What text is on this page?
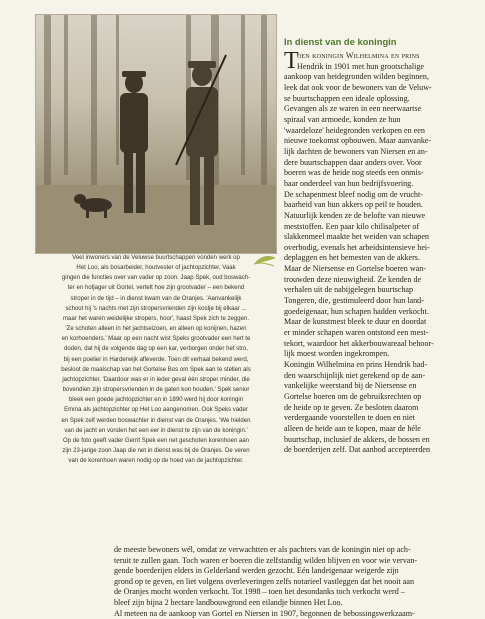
Veel inwoners van de Veluwse buurtschappen vonden werk op
Het Loo, als bosarbeider, houtvester of jachtopzichter. Vaak
gingen die functies over van vader op zoon. Jaap Spek, oud boswach-
ter en hofjager uit Gortel, vertelt hoe zijn grootvader – een bekend
stroper in de tijd – in dienst kwam van de Oranjes. 'Aanvankelijk
schoot hij 's nachts met zijn stropersvrienden zijn kostje bij elkaar ...
maar het waren weidelijke stropers, hoor', haast Spek zich te zeggen.
'Ze schoten alleen in het jachtseizoen, en alleen op konijnen, hazen
en korhoenders.' Maar op een nacht wist Speks grootvader een hert te
doden, dat hij de volgende dag op een kar, verborgen onder het stro,
bij een poelier in Harderwijk afleverde. Toen dit verhaal bekend werd,
besloot de maalschap van het Gortelse Bos om Spek aan te stellen als
jachtopzichter. 'Daardoor was er in ieder geval één stroper minder, die
bovendien zijn stropersvrienden in de gaten kon houden.' Spek senior
bleek een goede jachtopzichter en in 1890 werd hij door koningin
Emma als jachtopzichter op Het Loo aangenomen. Ook Speks vader
en Spek zelf werden boswachter in dienst van de Oranjes. 'We hielden
van de jacht en vonden het een eer in dienst te zijn van de koningin.'
Op de foto geeft vader Gerrit Spek een net geschoten korenhoen aan
zijn 23-jarige zoon Jaap die net in dienst was bij de Oranjes. De veren
van de korenhoen waren nodig op de hoed van de jachtopzichter.
In dienst van de koningin
T
oen koningin Wilhelmina en prins
Hendrik in 1901 met hun grootschalige
aankoop van heidegronden wilden beginnen,
leek dat ook voor de bewoners van de Veluw-
se buurtschappen een ideale oplossing.
Gevangen als ze waren in een neerwaartse
spiraal van armoede, konden ze hun
'waardeloze' heidegronden verkopen en een
nieuwe toekomst opbouwen. Maar aanvanke-
lijk dachten de bewoners van Niersen en an-
dere buurtschappen daar anders over. Voor
boeren was de heide nog steeds een onmis-
baar onderdeel van hun bedrijfsvoering.
De schapenmest bleef nodig om de vrucht-
baarheid van hun akkers op peil te houden.
Natuurlijk kenden ze de belofte van nieuwe
meststoffen. Een paar kilo chilisalpeter of
slakkenmeel maakte het weiden van schapen
overbodig, evenals het arbeidsintensieve hei-
deplaggen en het bemesten van de akkers.
Maar de Niersense en Gortelse boeren wan-
trouwden deze nieuwigheid. Ze kenden de
verhalen uit de nabijgelegen buurtschap
Tongeren, die, gestimuleerd door hun land-
goedeigenaar, hun schapen hadden verkocht.
Maar de kunstmest bleek te duur en doordat
er minder schapen waren ontstond een mest-
tekort, waardoor het akkerbouwareaal behoor-
lijk moest worden ingekrompen.
Koningin Wilhelmina en prins Hendrik had-
den waarschijnlijk niet gerekend op de aan-
vankelijke weerstand bij de Niersense en
Gortelse boeren om de gebruiksrechten op
de heide op te geven. Ze besloten daarom
verdergaande voorstellen te doen en niet
alleen de heide aan te kopen, maar de héle
buurtschap, inclusief de akkers, de bossen en
de boerderijen zelf. Dat aanbod accepteerden
de meeste bewoners wél, omdat ze verwachtten er als pachters van de koningin niet op ach-
teruit te zullen gaan. Toch waren er boeren die zelfstandig wilden blijven en voor wie vervan-
gende boerderijen elders in Gelderland werden gezocht. Eén landeigenaar weigerde zijn
grond op te geven, en liet volgens overleveringen zelfs notarieel vastleggen dat het nooit aan
de Oranjes mocht worden verkocht. Tot 1998 – toen het desondanks toch verkocht werd –
bleef zijn bijna 2 hectare landbouwgrond een eilandje binnen Het Loo.
Al meteen na de aankoop van Gortel en Niersen in 1907, begonnen de bebossingswerkzaam-
